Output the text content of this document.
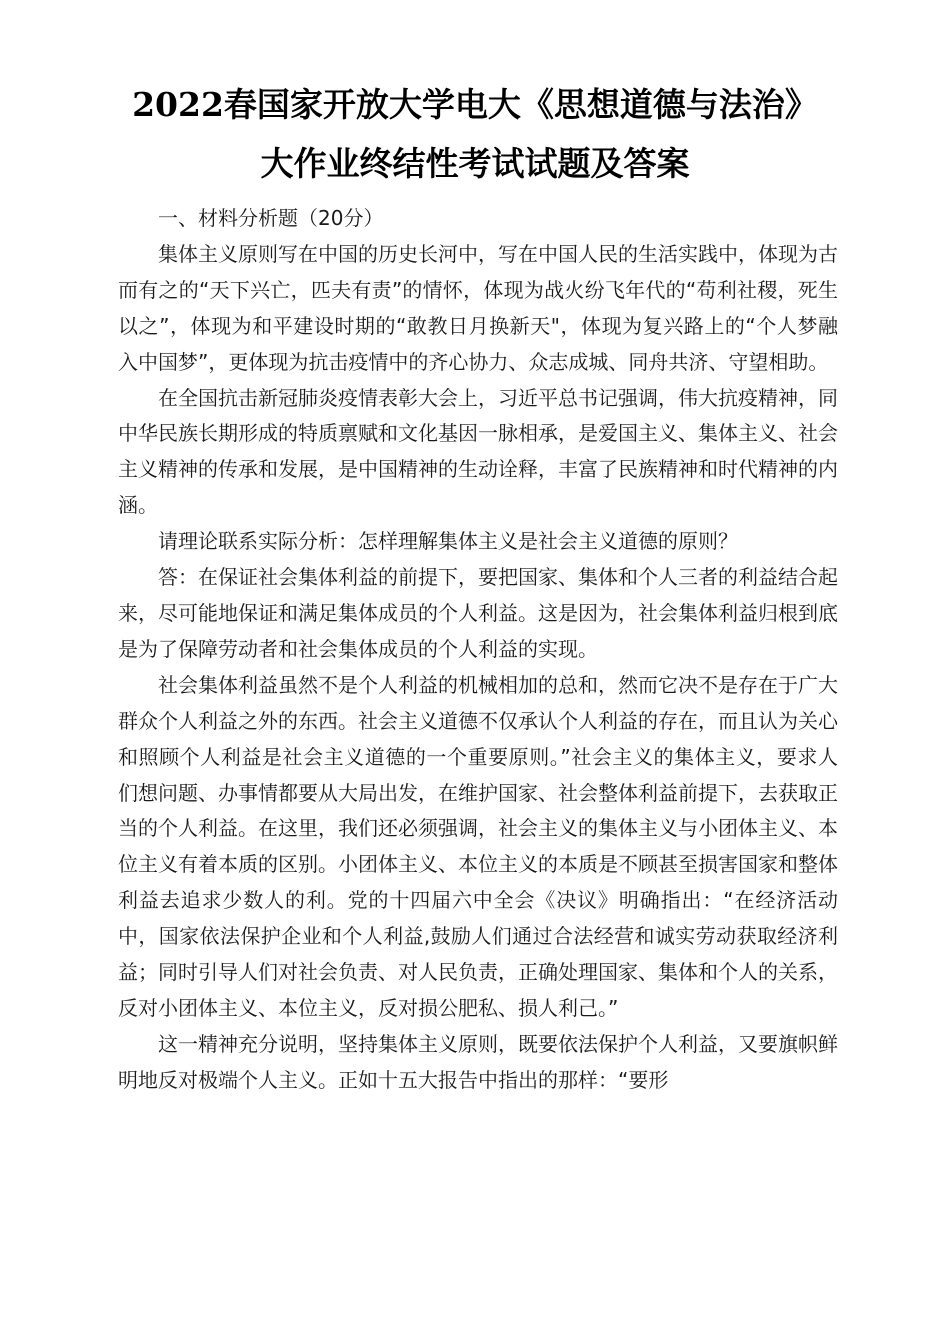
2022春国家开放大学电大《思想道德与法治》
大作业终结性考试试题及答案

一、材料分析题（20分）

集体主义原则写在中国的历史长河中，写在中国人民的生活实践中，体现为古而有之的“天下兴亡，匹夫有责”的情怀，体现为战火纷飞年代的“苟利社稷，死生以之”，体现为和平建设时期的“敢教日月换新天"，体现为复兴路上的“个人梦融入中国梦”，更体现为抗击疫情中的齐心协力、众志成城、同舟共济、守望相助。

在全国抗击新冠肺炎疫情表彰大会上，习近平总书记强调，伟大抗疫精神，同中华民族长期形成的特质禀赋和文化基因一脉相承，是爱国主义、集体主义、社会主义精神的传承和发展，是中国精神的生动诠释，丰富了民族精神和时代精神的内涵。

请理论联系实际分析：怎样理解集体主义是社会主义道德的原则？

答：在保证社会集体利益的前提下，要把国家、集体和个人三者的利益结合起来，尽可能地保证和满足集体成员的个人利益。这是因为，社会集体利益归根到底是为了保障劳动者和社会集体成员的个人利益的实现。

社会集体利益虽然不是个人利益的机械相加的总和，然而它决不是存在于广大群众个人利益之外的东西。社会主义道德不仅承认个人利益的存在，而且认为关心和照顾个人利益是社会主义道德的一个重要原则。”社会主义的集体主义，要求人们想问题、办事情都要从大局出发，在维护国家、社会整体利益前提下，去获取正当的个人利益。在这里，我们还必须强调，社会主义的集体主义与小团体主义、本位主义有着本质的区别。小团体主义、本位主义的本质是不顾甚至损害国家和整体利益去追求少数人的利。党的十四届六中全会《决议》明确指出：“在经济活动中，国家依法保护企业和个人利益,鼓励人们通过合法经营和诚实劳动获取经济利益；同时引导人们对社会负责、对人民负责，正确处理国家、集体和个人的关系，反对小团体主义、本位主义，反对损公肥私、损人利己。”

这一精神充分说明，坚持集体主义原则，既要依法保护个人利益，又要旗帜鲜明地反对极端个人主义。正如十五大报告中指出的那样：“要形
